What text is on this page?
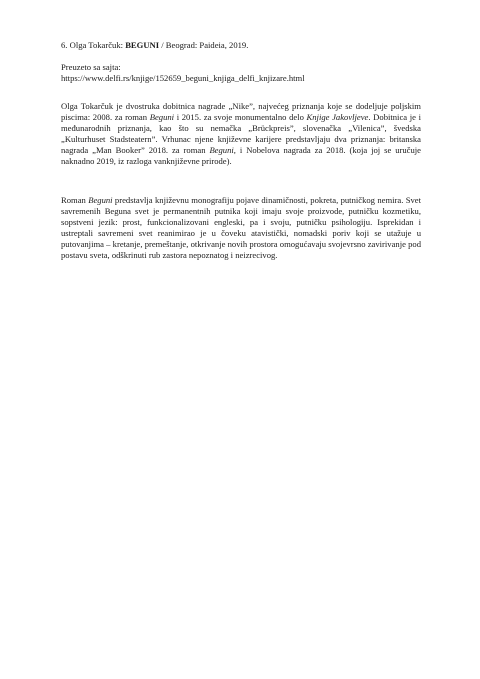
6. Olga Tokarčuk: BEGUNI / Beograd: Paideia, 2019.
Preuzeto sa sajta:
https://www.delfi.rs/knjige/152659_beguni_knjiga_delfi_knjizare.html

Olga Tokarčuk je dvostruka dobitnica nagrade „Nike”, najvećeg priznanja koje se dodeljuje poljskim piscima: 2008. za roman Beguni i 2015. za svoje monumentalno delo Knjige Jakovljeve. Dobitnica je i međunarodnih priznanja, kao što su nemačka „Brückpreis”, slovenačka „Vilenica”, švedska „Kulturhuset Stadsteatern”. Vrhunac njene književne karijere predstavljaju dva priznanja: britanska nagrada „Man Booker” 2018. za roman Beguni, i Nobelova nagrada za 2018. (koja joj se uručuje naknadno 2019, iz razloga vanknjiževne prirode).

Roman Beguni predstavlja književnu monografiju pojave dinamičnosti, pokreta, putničkog nemira. Svet savremenih Beguna svet je permanentnih putnika koji imaju svoje proizvode, putničku kozmetiku, sopstveni jezik: prost, funkcionalizovani engleski, pa i svoju, putničku psihologiju. Isprekidan i ustreptali savremeni svet reanimirao je u čoveku atavistički, nomadski poriv koji se utažuje u putovanjima – kretanje, premeštanje, otkrivanje novih prostora omogućavaju svojevrsno zavirivanje pod postavu sveta, odškrinuti rub zastora nepoznatog i neizrecivog.
